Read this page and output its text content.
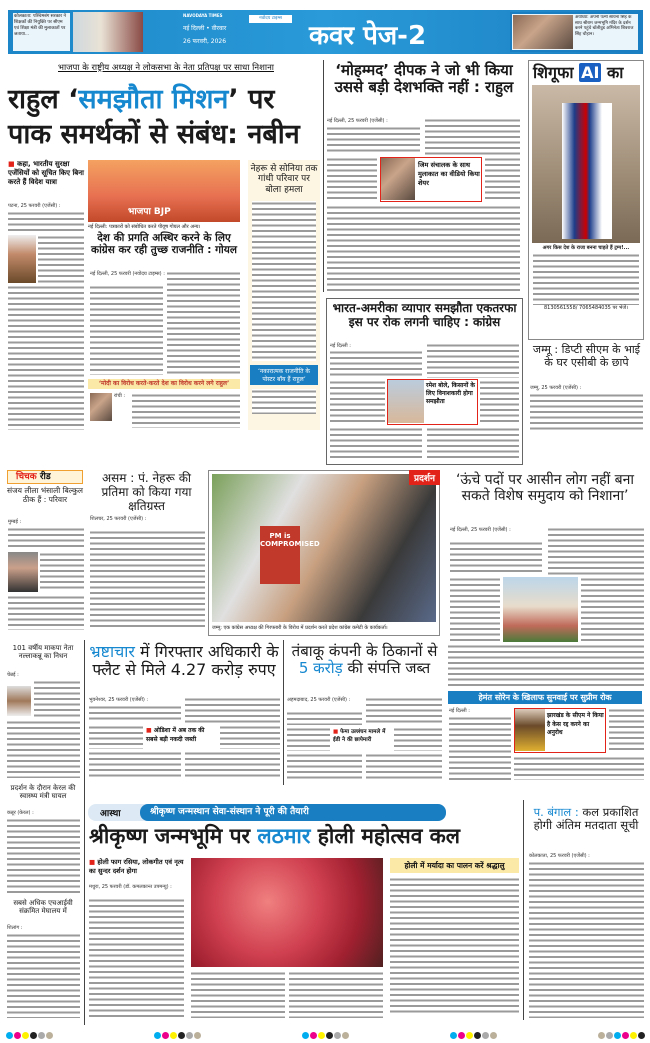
कोलकाता: पश्चिमबंग सरकार ने शिक्षकों की नियुक्ति पर सीएम एवं शिक्षा मंत्री की मुलाकातों पर जताया...
NAVODAYA TIMES
नई दिल्ली • वीरवार
26 फरवरी, 2026
नवोदय टाइम्स
कवर पेज-2
अयोध्या: अपनी पत्नी सायना सिंह के साथ श्रीराम जन्मभूमि मंदिर के दर्शन करने पहुंचे बॉलीवुड अभिनेता शिवराज सिंह चौहान।
भाजपा के राष्ट्रीय अध्यक्ष ने लोकसभा के नेता प्रतिपक्ष पर साधा निशाना
राहुल ‘समझौता मिशन’ पर
पाक समर्थकों से संबंध: नबीन
■ कहा, भारतीय सुरक्षा एजेंसियों को सूचित किए बिना करते हैं विदेश यात्रा
पटना, 25 फरवरी (एजेंसी) :
भाजपा BJP
नई दिल्ली: पत्रकारों को संबोधित करते पीयूष गोयल और अन्य।
देश की प्रगति अस्थिर करने के लिए कांग्रेस कर रही तुच्छ राजनीति : गोयल
नई दिल्ली, 25 फरवरी (नवोदय टाइम्स) :
‘मोदी का विरोध करते-करते देश का विरोध करने लगे राहुल’
रांची :
नेहरू से सोनिया तक गांधी परिवार पर बोला हमला
‘नकारात्मक राजनीति के पोस्टर बॉय हैं राहुल’
‘मोहम्मद’ दीपक ने जो भी किया उससे बड़ी देशभक्ति नहीं : राहुल
नई दिल्ली, 25 फरवरी (एजेंसी) :
जिम संचालक के साथ मुलाकात का वीडियो किया शेयर
शिगूफा AI का
अगर किस देश के राजा बनना चाहते हैं ट्रम्प!...
8130561558/ 7065484035 पर भेजें।
जम्मू : डिप्टी सीएम के भाई के घर एसीबी के छापे
जम्मू, 25 फरवरी (एजेंसी) :
भारत-अमरीका व्यापार समझौता एकतरफा इस पर रोक लगनी चाहिए : कांग्रेस
नई दिल्ली :
रमेश बोले, किसानों के लिए विनाशकारी होगा समझौता
चिचक रीड
संजय लीला भंसाली बिल्कुल ठीक हैं : परिवार
मुम्बई :
असम : पं. नेहरू की प्रतिमा को किया गया क्षतिग्रस्त
शिलचर, 25 फरवरी (एजेंसी) :
PM is COMPROMISED
प्रदर्शन
जम्मू: एक कांग्रेस अध्यक्ष की गिरफ्तारी के विरोध में प्रदर्शन करते प्रदेश कांग्रेस कमेटी के कार्यकर्ता।
‘ऊंचे पदों पर आसीन लोग नहीं बना सकते विशेष समुदाय को निशाना’
नई दिल्ली, 25 फरवरी (एजेंसी) :
101 वर्षीय माकपा नेता नल्लाकन्नू का निधन
चेन्नई :
भ्रष्टाचार में गिरफ्तार अधिकारी के फ्लैट से मिले 4.27 करोड़ रुपए
भुवनेश्वर, 25 फरवरी (एजेंसी) :
■ ओडिशा में अब तक की सबसे बड़ी नकदी जब्ती
तंबाकू कंपनी के ठिकानों से
5 करोड़ की संपत्ति जब्त
अहमदाबाद, 25 फरवरी (एजेंसी) :
■ फेमा उल्लंघन मामले में ईडी ने की छापेमारी
हेमंत सोरेन के खिलाफ सुनवाई पर सुप्रीम रोक
नई दिल्ली :
झारखंड के सीएम ने किया है केस रद्द करने का अनुरोध
प्रदर्शन के दौरान केरल की स्वास्थ्य मंत्री घायल
कन्नूर (केरल) :
सबसे अधिक एचआईवी संक्रमित मेघालय में
शिलांग :
आस्था	श्रीकृष्ण जन्मस्थान सेवा-संस्थान ने पूरी की तैयारी
श्रीकृष्ण जन्मभूमि पर लठमार होली महोत्सव कल
■ होली फाग रसिया, लोकगीत एवं नृत्य का सुन्दर दर्शन होगा
मथुरा, 25 फरवरी (डॉ. कमलकान्त उपमन्यु) :
होली में मर्यादा का पालन करें श्रद्धालु
प. बंगाल : कल प्रकाशित होगी अंतिम मतदाता सूची
कोलकाता, 25 फरवरी (एजेंसी) :
